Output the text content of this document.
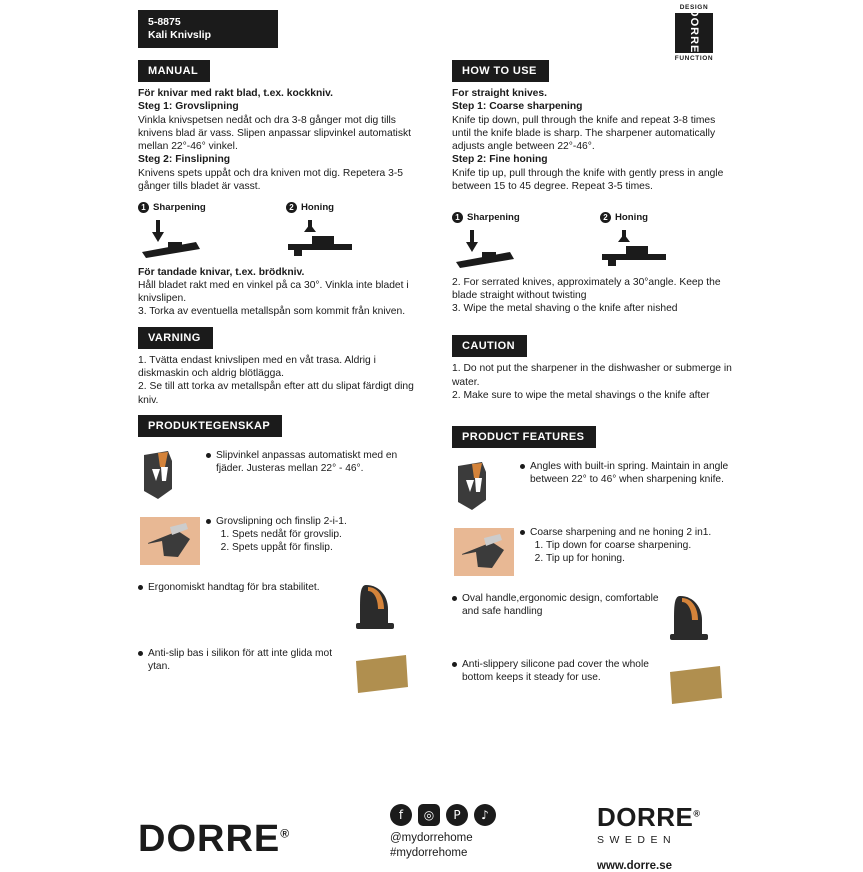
5-8875
Kali Knivslip
DESIGN
DORRE
FUNCTION
MANUAL

För knivar med rakt blad, t.ex. kockkniv.

Steg 1: Grovslipning

Vinkla knivspetsen nedåt och dra 3-8 gånger mot dig tills knivens blad är vass. Slipen anpassar slipvinkel automatiskt mellan 22°-46° vinkel.

Steg 2: Finslipning

Knivens spets uppåt och dra kniven mot dig. Repetera 3-5 gånger tills bladet är vasst.

1 Sharpening	2 Honing

För tandade knivar, t.ex. brödkniv.

Håll bladet rakt med en vinkel på ca 30°. Vinkla inte bladet i knivslipen.

3. Torka av eventuella metallspån som kommit från kniven.

VARNING

1. Tvätta endast knivslipen med en våt trasa. Aldrig i diskmaskin och aldrig blötlägga.

2. Se till att torka av metallspån efter att du slipat färdigt ding kniv.

PRODUKTEGENSKAP

Slipvinkel anpassas automatiskt med en fjäder. Justeras mellan 22° - 46°.

Grovslipning och finslip 2-i-1.

1. Spets nedåt för grovslip.
2. Spets uppåt för finslip.

Ergonomiskt handtag för bra stabilitet.

Anti-slip bas i silikon för att inte glida mot ytan.

HOW TO USE

For straight knives.

Step 1: Coarse sharpening

Knife tip down, pull through the knife and repeat 3-8 times until the knife blade is sharp. The sharpener automatically adjusts angle between 22°-46°.

Step 2: Fine honing

Knife tip up, pull through the knife with gently press in angle between 15 to 45 degree. Repeat 3-5 times.

1 Sharpening	2 Honing

2. For serrated knives, approximately a 30°angle. Keep the blade straight without twisting

3. Wipe the metal shaving o the knife after nished

CAUTION

1. Do not put the sharpener in the dishwasher or submerge in water.

2. Make sure to wipe the metal shavings o the knife after

PRODUCT FEATURES

Angles with built-in spring. Maintain in angle between 22° to 46° when sharpening knife.

Coarse sharpening and ne honing 2 in1.

1. Tip down for coarse sharpening.
2. Tip up for honing.

Oval handle,ergonomic design, comfortable and safe handling

Anti-slippery silicone pad cover the whole bottom keeps it steady for use.

DORRE®
f	◎	P	♪
@mydorrehome
#mydorrehome
DORRE®
SWEDEN
www.dorre.se
